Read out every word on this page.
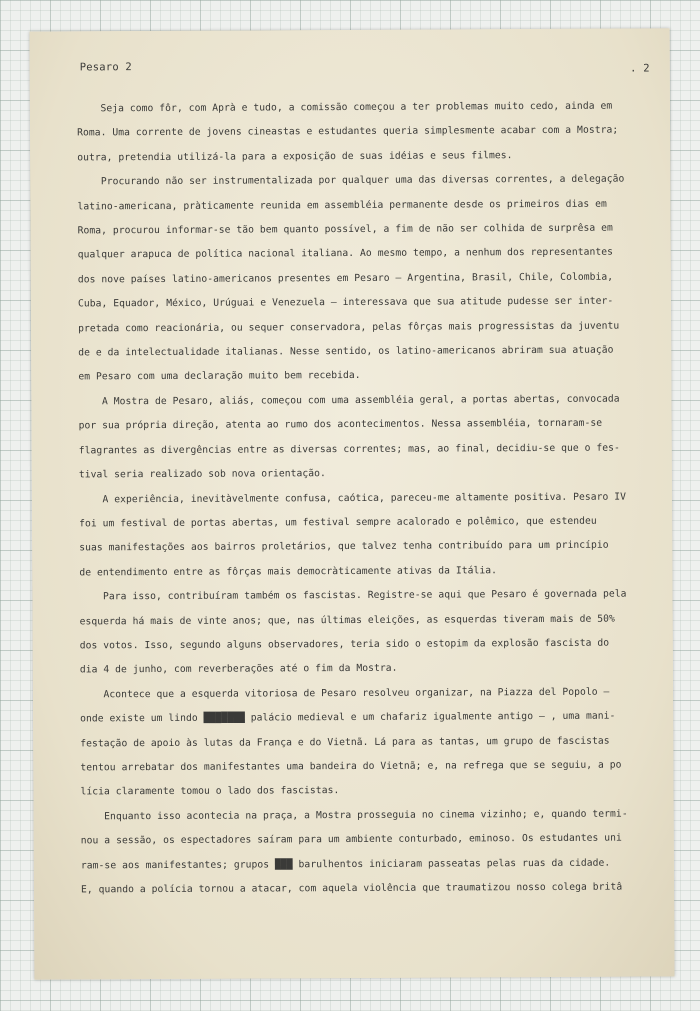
Pesaro 2	. 2
Seja como fôr, com Aprà e tudo, a comissão começou a ter problemas muito cedo, ainda em
Roma. Uma corrente de jovens cineastas e estudantes queria simplesmente acabar com a Mostra;
outra, pretendia utilizá-la para a exposição de suas idéias e seus filmes.
Procurando não ser instrumentalizada por qualquer uma das diversas correntes, a delegação
latino-americana, pràticamente reunida em assembléia permanente desde os primeiros dias em
Roma, procurou informar-se tão bem quanto possível, a fim de não ser colhida de surprêsa em
qualquer arapuca de política nacional italiana. Ao mesmo tempo, a nenhum dos representantes
dos nove países latino-americanos presentes em Pesaro — Argentina, Brasil, Chile, Colombia,
Cuba, Equador, México, Urúguai e Venezuela — interessava que sua atitude pudesse ser inter-
pretada como reacionária, ou sequer conservadora, pelas fôrças mais progressistas da juventu
de e da intelectualidade italianas. Nesse sentido, os latino-americanos abriram sua atuação
em Pesaro com uma declaração muito bem recebida.
A Mostra de Pesaro, aliás, começou com uma assembléia geral, a portas abertas, convocada
por sua própria direção, atenta ao rumo dos acontecimentos. Nessa assembléia, tornaram-se
flagrantes as divergências entre as diversas correntes; mas, ao final, decidiu-se que o fes-
tival seria realizado sob nova orientação.
A experiência, inevitàvelmente confusa, caótica, pareceu-me altamente positiva. Pesaro IV
foi um festival de portas abertas, um festival sempre acalorado e polêmico, que estendeu
suas manifestações aos bairros proletários, que talvez tenha contribuído para um princípio
de entendimento entre as fôrças mais democràticamente ativas da Itália.
Para isso, contribuíram também os fascistas. Registre-se aqui que Pesaro é governada pela
esquerda há mais de vinte anos; que, nas últimas eleições, as esquerdas tiveram mais de 50%
dos votos. Isso, segundo alguns observadores, teria sido o estopim da explosão fascista do
dia 4 de junho, com reverberações até o fim da Mostra.
Acontece que a esquerda vitoriosa de Pesaro resolveu organizar, na Piazza del Popolo —
onde existe um lindo ███████ palácio medieval e um chafariz igualmente antigo — , uma mani-
festação de apoio às lutas da França e do Vietnã. Lá para as tantas, um grupo de fascistas
tentou arrebatar dos manifestantes uma bandeira do Vietnã; e, na refrega que se seguiu, a po
lícia claramente tomou o lado dos fascistas.
Enquanto isso acontecia na praça, a Mostra prosseguia no cinema vizinho; e, quando termi-
nou a sessão, os espectadores saíram para um ambiente conturbado, eminoso. Os estudantes uni
ram-se aos manifestantes; grupos ███ barulhentos iniciaram passeatas pelas ruas da cidade.
E, quando a polícia tornou a atacar, com aquela violência que traumatizou nosso colega britâ
